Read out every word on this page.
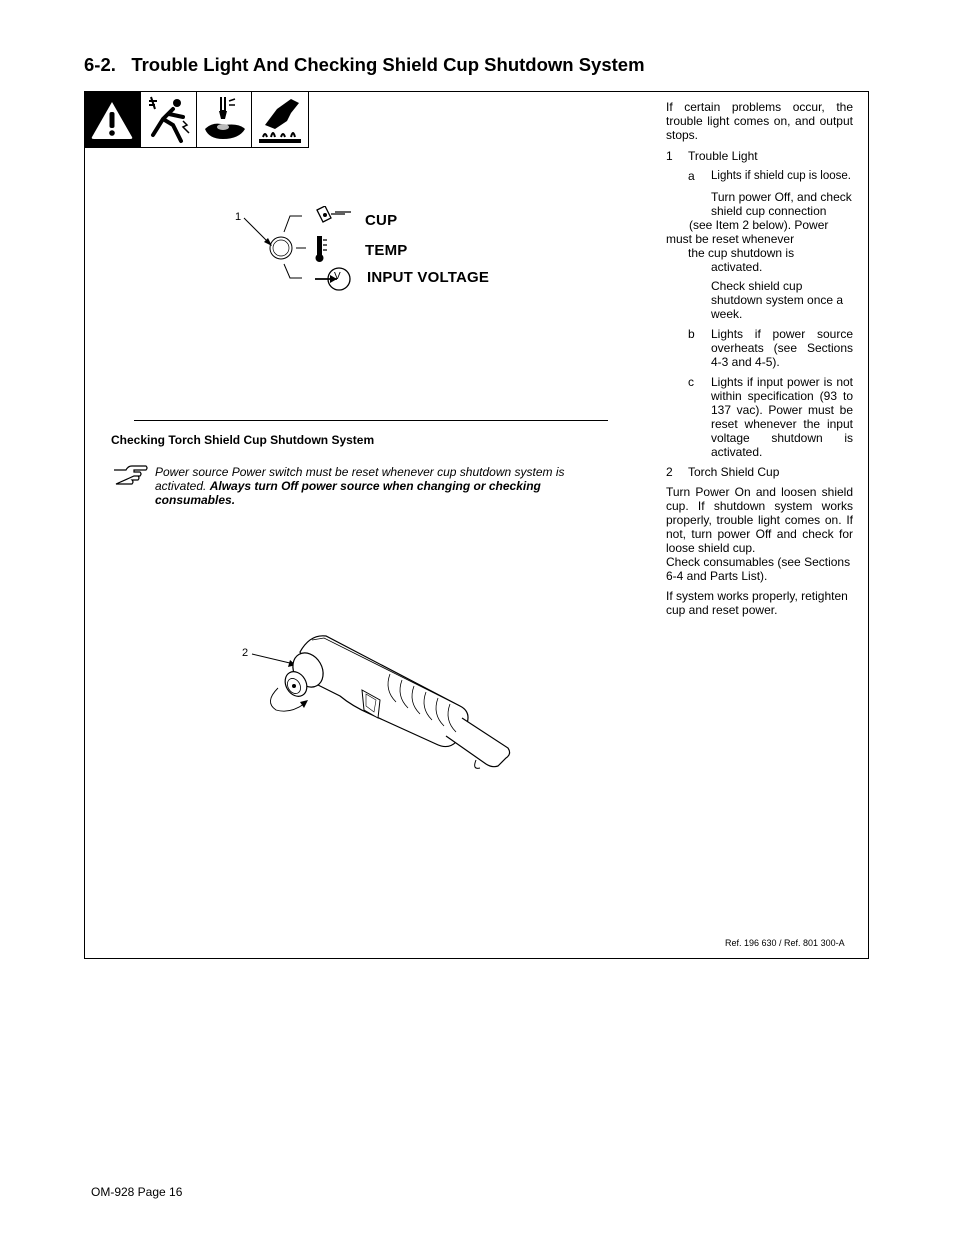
6-2. Trouble Light And Checking Shield Cup Shutdown System
1
V
CUP
TEMP
INPUT VOLTAGE
Checking Torch Shield Cup Shutdown System
Power source Power switch must be reset whenever cup shutdown system is activated. Always turn Off power source when changing or checking consumables.
2
If certain problems occur, the trouble light comes on, and output stops.
1 Trouble Light
a Lights if shield cup is loose.
Turn power Off, and check
shield cup connection
(see Item 2 below). Power
must be reset whenever
the cup shutdown is
activated.
Check shield cup shutdown system once a week.
b Lights if power source overheats (see Sections 4-3 and 4-5).
c Lights if input power is not within specification (93 to 137 vac). Power must be reset whenever the input voltage shutdown is activated.
2 Torch Shield Cup
Turn Power On and loosen shield cup. If shutdown system works properly, trouble light comes on. If not, turn power Off and check for loose shield cup.
Check consumables (see Sections 6-4 and Parts List).
If system works properly, retighten cup and reset power.
Ref. 196 630 / Ref. 801 300-A
OM-928 Page 16
